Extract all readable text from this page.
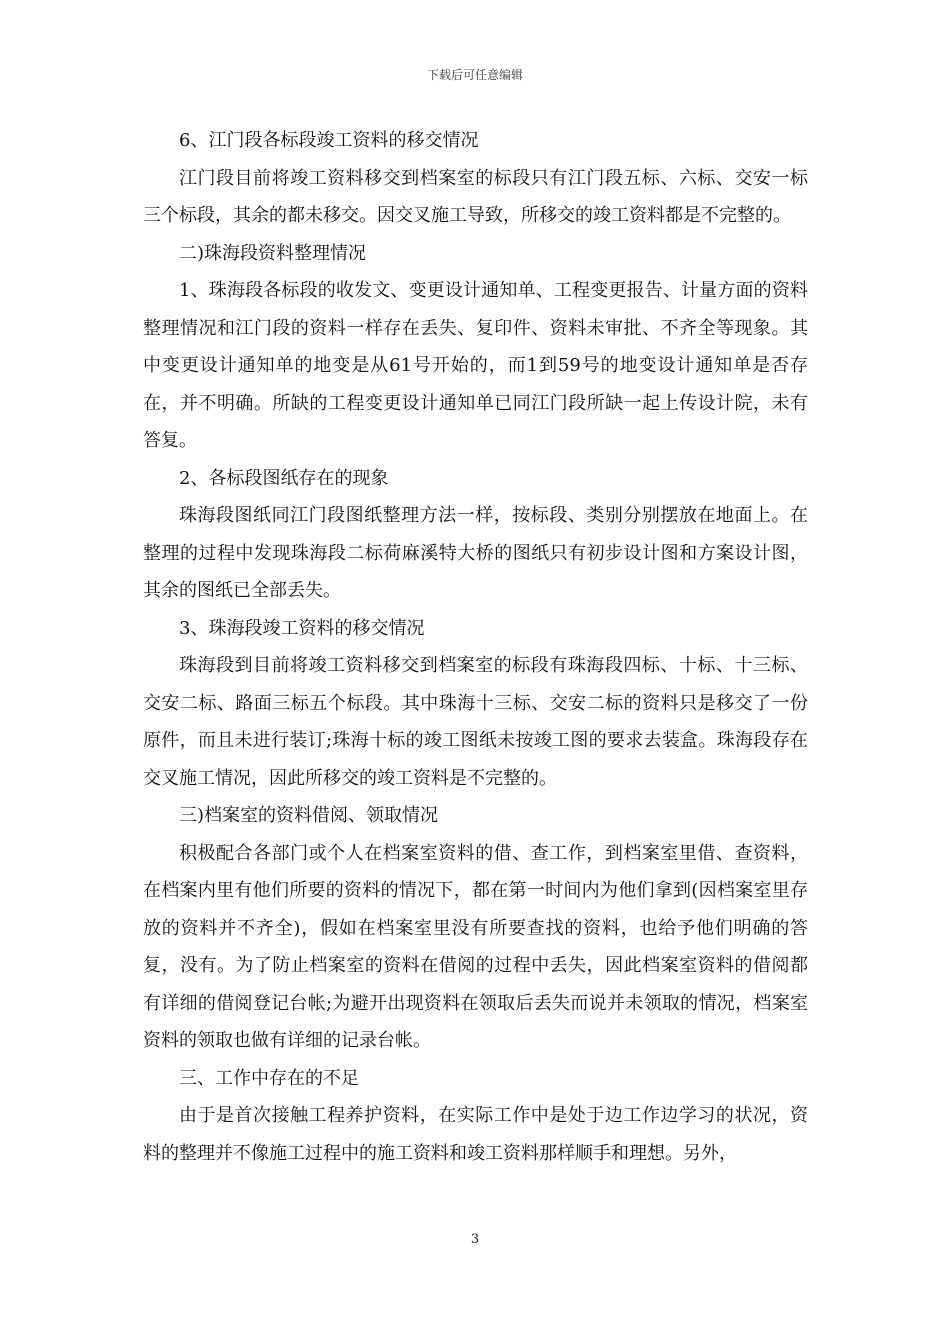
下载后可任意编辑

6、江门段各标段竣工资料的移交情况

江门段目前将竣工资料移交到档案室的标段只有江门段五标、六标、交安一标三个标段，其余的都未移交。因交叉施工导致，所移交的竣工资料都是不完整的。

二)珠海段资料整理情况

1、珠海段各标段的收发文、变更设计通知单、工程变更报告、计量方面的资料整理情况和江门段的资料一样存在丢失、复印件、资料未审批、不齐全等现象。其中变更设计通知单的地变是从61号开始的，而1到59号的地变设计通知单是否存在，并不明确。所缺的工程变更设计通知单已同江门段所缺一起上传设计院，未有答复。

2、各标段图纸存在的现象

珠海段图纸同江门段图纸整理方法一样，按标段、类别分别摆放在地面上。在整理的过程中发现珠海段二标荷麻溪特大桥的图纸只有初步设计图和方案设计图，其余的图纸已全部丢失。

3、珠海段竣工资料的移交情况

珠海段到目前将竣工资料移交到档案室的标段有珠海段四标、十标、十三标、交安二标、路面三标五个标段。其中珠海十三标、交安二标的资料只是移交了一份原件，而且未进行装订;珠海十标的竣工图纸未按竣工图的要求去装盒。珠海段存在交叉施工情况，因此所移交的竣工资料是不完整的。

三)档案室的资料借阅、领取情况

积极配合各部门或个人在档案室资料的借、查工作，到档案室里借、查资料，在档案内里有他们所要的资料的情况下，都在第一时间内为他们拿到(因档案室里存放的资料并不齐全)，假如在档案室里没有所要查找的资料，也给予他们明确的答复，没有。为了防止档案室的资料在借阅的过程中丢失，因此档案室资料的借阅都有详细的借阅登记台帐;为避开出现资料在领取后丢失而说并未领取的情况，档案室资料的领取也做有详细的记录台帐。

三、工作中存在的不足

由于是首次接触工程养护资料，在实际工作中是处于边工作边学习的状况，资料的整理并不像施工过程中的施工资料和竣工资料那样顺手和理想。另外，

3
